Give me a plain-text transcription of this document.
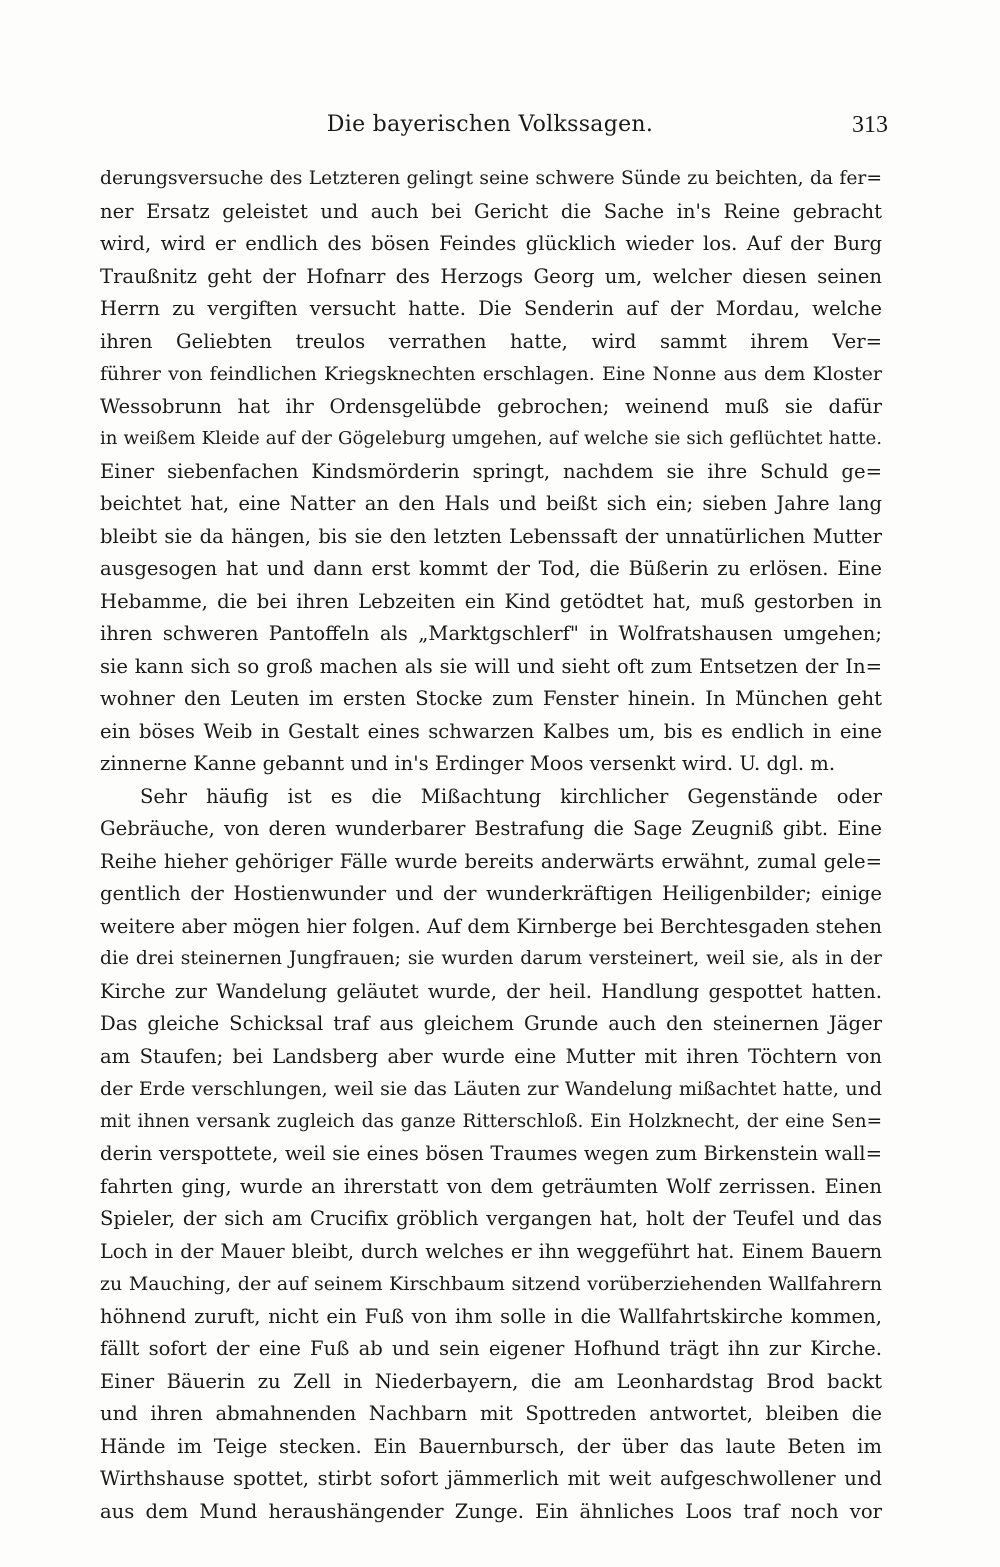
Die bayerischen Volkssagen.	313
derungsversuche des Letzteren gelingt seine schwere Sünde zu beichten, da fer=
ner Ersatz geleistet und auch bei Gericht die Sache in's Reine gebracht
wird, wird er endlich des bösen Feindes glücklich wieder los. Auf der Burg
Traußnitz geht der Hofnarr des Herzogs Georg um, welcher diesen seinen
Herrn zu vergiften versucht hatte. Die Senderin auf der Mordau, welche
ihren Geliebten treulos verrathen hatte, wird sammt ihrem Ver=
führer von feindlichen Kriegsknechten erschlagen. Eine Nonne aus dem Kloster
Wessobrunn hat ihr Ordensgelübde gebrochen; weinend muß sie dafür
in weißem Kleide auf der Gögeleburg umgehen, auf welche sie sich geflüchtet hatte.
Einer siebenfachen Kindsmörderin springt, nachdem sie ihre Schuld ge=
beichtet hat, eine Natter an den Hals und beißt sich ein; sieben Jahre lang
bleibt sie da hängen, bis sie den letzten Lebenssaft der unnatürlichen Mutter
ausgesogen hat und dann erst kommt der Tod, die Büßerin zu erlösen. Eine
Hebamme, die bei ihren Lebzeiten ein Kind getödtet hat, muß gestorben in
ihren schweren Pantoffeln als „Marktgschlerf" in Wolfratshausen umgehen;
sie kann sich so groß machen als sie will und sieht oft zum Entsetzen der In=
wohner den Leuten im ersten Stocke zum Fenster hinein. In München geht
ein böses Weib in Gestalt eines schwarzen Kalbes um, bis es endlich in eine
zinnerne Kanne gebannt und in's Erdinger Moos versenkt wird. U. dgl. m.
Sehr häufig ist es die Mißachtung kirchlicher Gegenstände oder
Gebräuche, von deren wunderbarer Bestrafung die Sage Zeugniß gibt. Eine
Reihe hieher gehöriger Fälle wurde bereits anderwärts erwähnt, zumal gele=
gentlich der Hostienwunder und der wunderkräftigen Heiligenbilder; einige
weitere aber mögen hier folgen. Auf dem Kirnberge bei Berchtesgaden stehen
die drei steinernen Jungfrauen; sie wurden darum versteinert, weil sie, als in der
Kirche zur Wandelung geläutet wurde, der heil. Handlung gespottet hatten.
Das gleiche Schicksal traf aus gleichem Grunde auch den steinernen Jäger
am Staufen; bei Landsberg aber wurde eine Mutter mit ihren Töchtern von
der Erde verschlungen, weil sie das Läuten zur Wandelung mißachtet hatte, und
mit ihnen versank zugleich das ganze Ritterschloß. Ein Holzknecht, der eine Sen=
derin verspottete, weil sie eines bösen Traumes wegen zum Birkenstein wall=
fahrten ging, wurde an ihrerstatt von dem geträumten Wolf zerrissen. Einen
Spieler, der sich am Crucifix gröblich vergangen hat, holt der Teufel und das
Loch in der Mauer bleibt, durch welches er ihn weggeführt hat. Einem Bauern
zu Mauching, der auf seinem Kirschbaum sitzend vorüberziehenden Wallfahrern
höhnend zuruft, nicht ein Fuß von ihm solle in die Wallfahrtskirche kommen,
fällt sofort der eine Fuß ab und sein eigener Hofhund trägt ihn zur Kirche.
Einer Bäuerin zu Zell in Niederbayern, die am Leonhardstag Brod backt
und ihren abmahnenden Nachbarn mit Spottreden antwortet, bleiben die
Hände im Teige stecken. Ein Bauernbursch, der über das laute Beten im
Wirthshause spottet, stirbt sofort jämmerlich mit weit aufgeschwollener und
aus dem Mund heraushängender Zunge. Ein ähnliches Loos traf noch vor
